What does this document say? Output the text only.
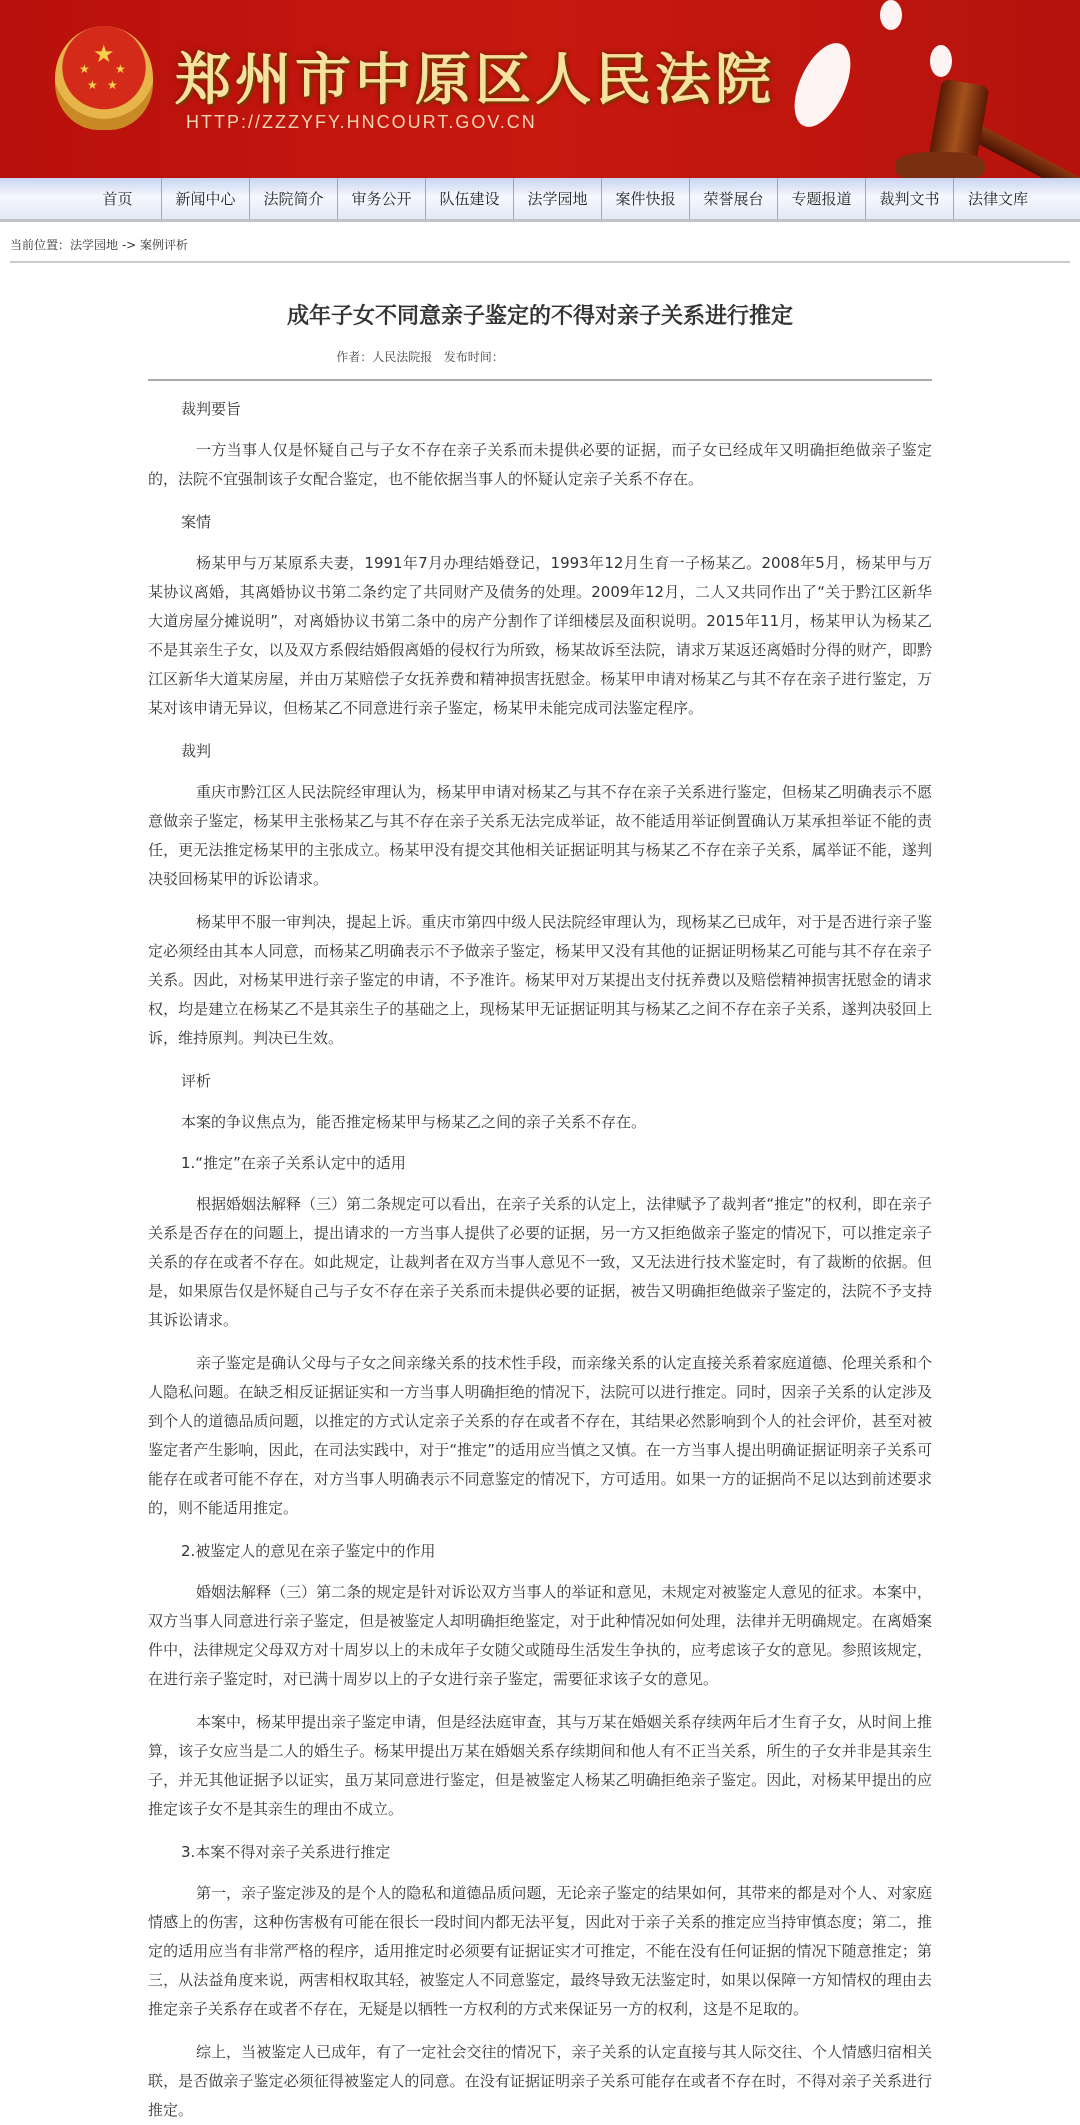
★
★ ★
★ ★ 郑州市中原区人民法院
HTTP://ZZZYFY.HNCOURT.GOV.CN
首页	新闻中心	法院简介	审务公开	队伍建设	法学园地	案件快报	荣誉展台	专题报道	裁判文书	法律文库
当前位置：法学园地 -> 案例评析
成年子女不同意亲子鉴定的不得对亲子关系进行推定
作者：人民法院报 发布时间：

裁判要旨

一方当事人仅是怀疑自己与子女不存在亲子关系而未提供必要的证据，而子女已经成年又明确拒绝做亲子鉴定的，法院不宜强制该子女配合鉴定，也不能依据当事人的怀疑认定亲子关系不存在。

案情

杨某甲与万某原系夫妻，1991年7月办理结婚登记，1993年12月生育一子杨某乙。2008年5月，杨某甲与万某协议离婚，其离婚协议书第二条约定了共同财产及债务的处理。2009年12月，二人又共同作出了“关于黔江区新华大道房屋分摊说明”，对离婚协议书第二条中的房产分割作了详细楼层及面积说明。2015年11月，杨某甲认为杨某乙不是其亲生子女，以及双方系假结婚假离婚的侵权行为所致，杨某故诉至法院，请求万某返还离婚时分得的财产，即黔江区新华大道某房屋，并由万某赔偿子女抚养费和精神损害抚慰金。杨某甲申请对杨某乙与其不存在亲子进行鉴定，万某对该申请无异议，但杨某乙不同意进行亲子鉴定，杨某甲未能完成司法鉴定程序。

裁判

重庆市黔江区人民法院经审理认为，杨某甲申请对杨某乙与其不存在亲子关系进行鉴定，但杨某乙明确表示不愿意做亲子鉴定，杨某甲主张杨某乙与其不存在亲子关系无法完成举证，故不能适用举证倒置确认万某承担举证不能的责任，更无法推定杨某甲的主张成立。杨某甲没有提交其他相关证据证明其与杨某乙不存在亲子关系，属举证不能，遂判决驳回杨某甲的诉讼请求。

杨某甲不服一审判决，提起上诉。重庆市第四中级人民法院经审理认为，现杨某乙已成年，对于是否进行亲子鉴定必须经由其本人同意，而杨某乙明确表示不予做亲子鉴定，杨某甲又没有其他的证据证明杨某乙可能与其不存在亲子关系。因此，对杨某甲进行亲子鉴定的申请，不予准许。杨某甲对万某提出支付抚养费以及赔偿精神损害抚慰金的请求权，均是建立在杨某乙不是其亲生子的基础之上，现杨某甲无证据证明其与杨某乙之间不存在亲子关系，遂判决驳回上诉，维持原判。判决已生效。

评析

本案的争议焦点为，能否推定杨某甲与杨某乙之间的亲子关系不存在。

1.“推定”在亲子关系认定中的适用

根据婚姻法解释（三）第二条规定可以看出，在亲子关系的认定上，法律赋予了裁判者“推定”的权利，即在亲子关系是否存在的问题上，提出请求的一方当事人提供了必要的证据，另一方又拒绝做亲子鉴定的情况下，可以推定亲子关系的存在或者不存在。如此规定，让裁判者在双方当事人意见不一致，又无法进行技术鉴定时，有了裁断的依据。但是，如果原告仅是怀疑自己与子女不存在亲子关系而未提供必要的证据，被告又明确拒绝做亲子鉴定的，法院不予支持其诉讼请求。

亲子鉴定是确认父母与子女之间亲缘关系的技术性手段，而亲缘关系的认定直接关系着家庭道德、伦理关系和个人隐私问题。在缺乏相反证据证实和一方当事人明确拒绝的情况下，法院可以进行推定。同时，因亲子关系的认定涉及到个人的道德品质问题，以推定的方式认定亲子关系的存在或者不存在，其结果必然影响到个人的社会评价，甚至对被鉴定者产生影响，因此，在司法实践中，对于“推定”的适用应当慎之又慎。在一方当事人提出明确证据证明亲子关系可能存在或者可能不存在，对方当事人明确表示不同意鉴定的情况下，方可适用。如果一方的证据尚不足以达到前述要求的，则不能适用推定。

2.被鉴定人的意见在亲子鉴定中的作用

婚姻法解释（三）第二条的规定是针对诉讼双方当事人的举证和意见，未规定对被鉴定人意见的征求。本案中，双方当事人同意进行亲子鉴定，但是被鉴定人却明确拒绝鉴定，对于此种情况如何处理，法律并无明确规定。在离婚案件中，法律规定父母双方对十周岁以上的未成年子女随父或随母生活发生争执的，应考虑该子女的意见。参照该规定，在进行亲子鉴定时，对已满十周岁以上的子女进行亲子鉴定，需要征求该子女的意见。

本案中，杨某甲提出亲子鉴定申请，但是经法庭审查，其与万某在婚姻关系存续两年后才生育子女，从时间上推算，该子女应当是二人的婚生子。杨某甲提出万某在婚姻关系存续期间和他人有不正当关系，所生的子女并非是其亲生子，并无其他证据予以证实，虽万某同意进行鉴定，但是被鉴定人杨某乙明确拒绝亲子鉴定。因此，对杨某甲提出的应推定该子女不是其亲生的理由不成立。

3.本案不得对亲子关系进行推定

第一，亲子鉴定涉及的是个人的隐私和道德品质问题，无论亲子鉴定的结果如何，其带来的都是对个人、对家庭情感上的伤害，这种伤害极有可能在很长一段时间内都无法平复，因此对于亲子关系的推定应当持审慎态度；第二，推定的适用应当有非常严格的程序，适用推定时必须要有证据证实才可推定，不能在没有任何证据的情况下随意推定；第三，从法益角度来说，两害相权取其轻，被鉴定人不同意鉴定，最终导致无法鉴定时，如果以保障一方知情权的理由去推定亲子关系存在或者不存在，无疑是以牺牲一方权利的方式来保证另一方的权利，这是不足取的。

综上，当被鉴定人已成年，有了一定社会交往的情况下，亲子关系的认定直接与其人际交往、个人情感归宿相关联，是否做亲子鉴定必须征得被鉴定人的同意。在没有证据证明亲子关系可能存在或者不存在时，不得对亲子关系进行推定。
